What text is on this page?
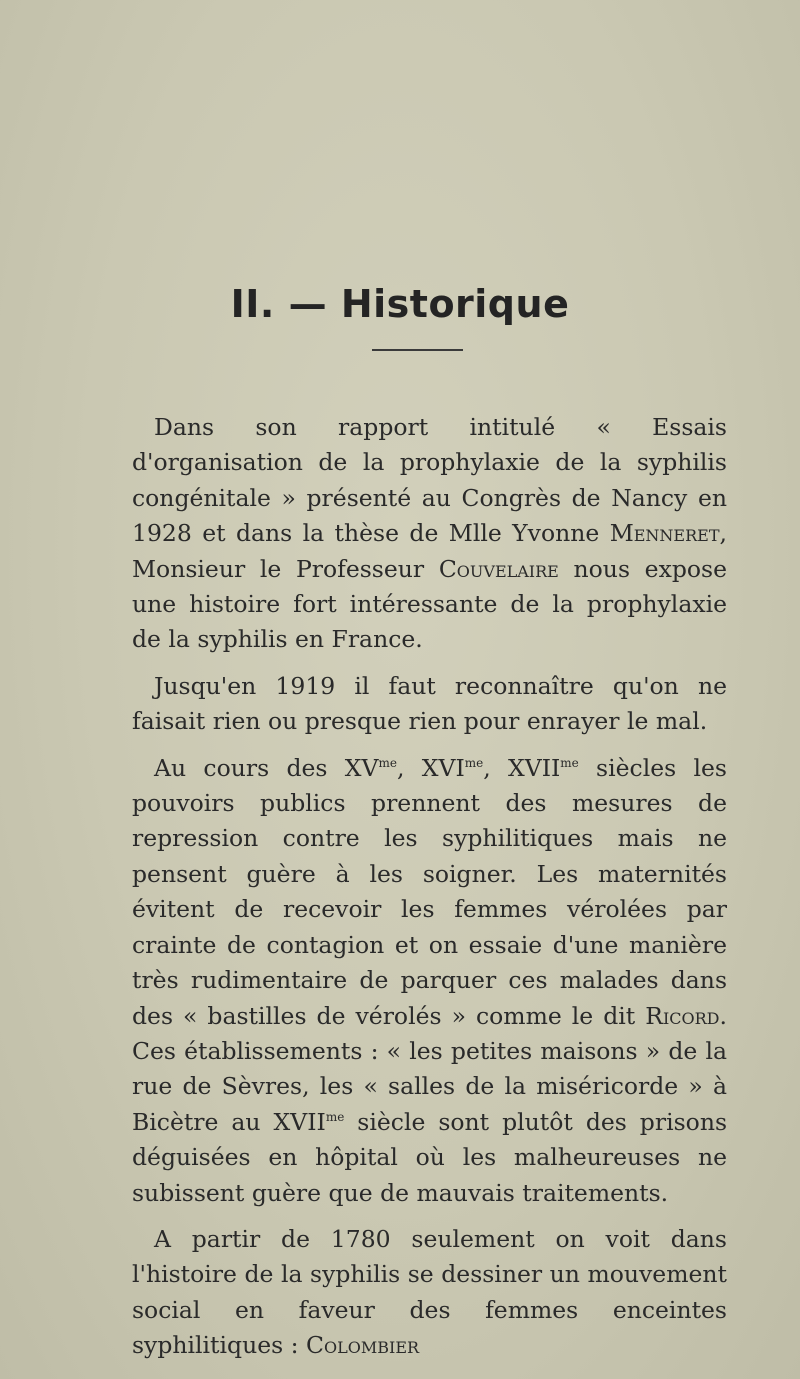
II. — Historique

Dans son rapport intitulé « Essais d'organisation de la prophylaxie de la syphilis congénitale » présenté au Congrès de Nancy en 1928 et dans la thèse de Mlle Yvonne Menneret, Monsieur le Professeur Couvelaire nous expose une histoire fort intéressante de la prophylaxie de la syphilis en France.

Jusqu'en 1919 il faut reconnaître qu'on ne faisait rien ou presque rien pour enrayer le mal.

Au cours des $XV^{me}$, $XVI^{me}$, $XVII^{me}$ siècles les pouvoirs publics prennent des mesures de repression contre les syphilitiques mais ne pensent guère à les soigner. Les maternités évitent de recevoir les femmes vérolées par crainte de contagion et on essaie d'une manière très rudimentaire de parquer ces malades dans des « bastilles de vérolés » comme le dit Ricord. Ces établissements : « les petites maisons » de la rue de Sèvres, les « salles de la miséricorde » à Bicètre au $XVII^{me}$ siècle sont plutôt des prisons déguisées en hôpital où les malheureuses ne subissent guère que de mauvais traitements.

A partir de 1780 seulement on voit dans l'histoire de la syphilis se dessiner un mouvement social en faveur des femmes enceintes syphilitiques : Colombier
